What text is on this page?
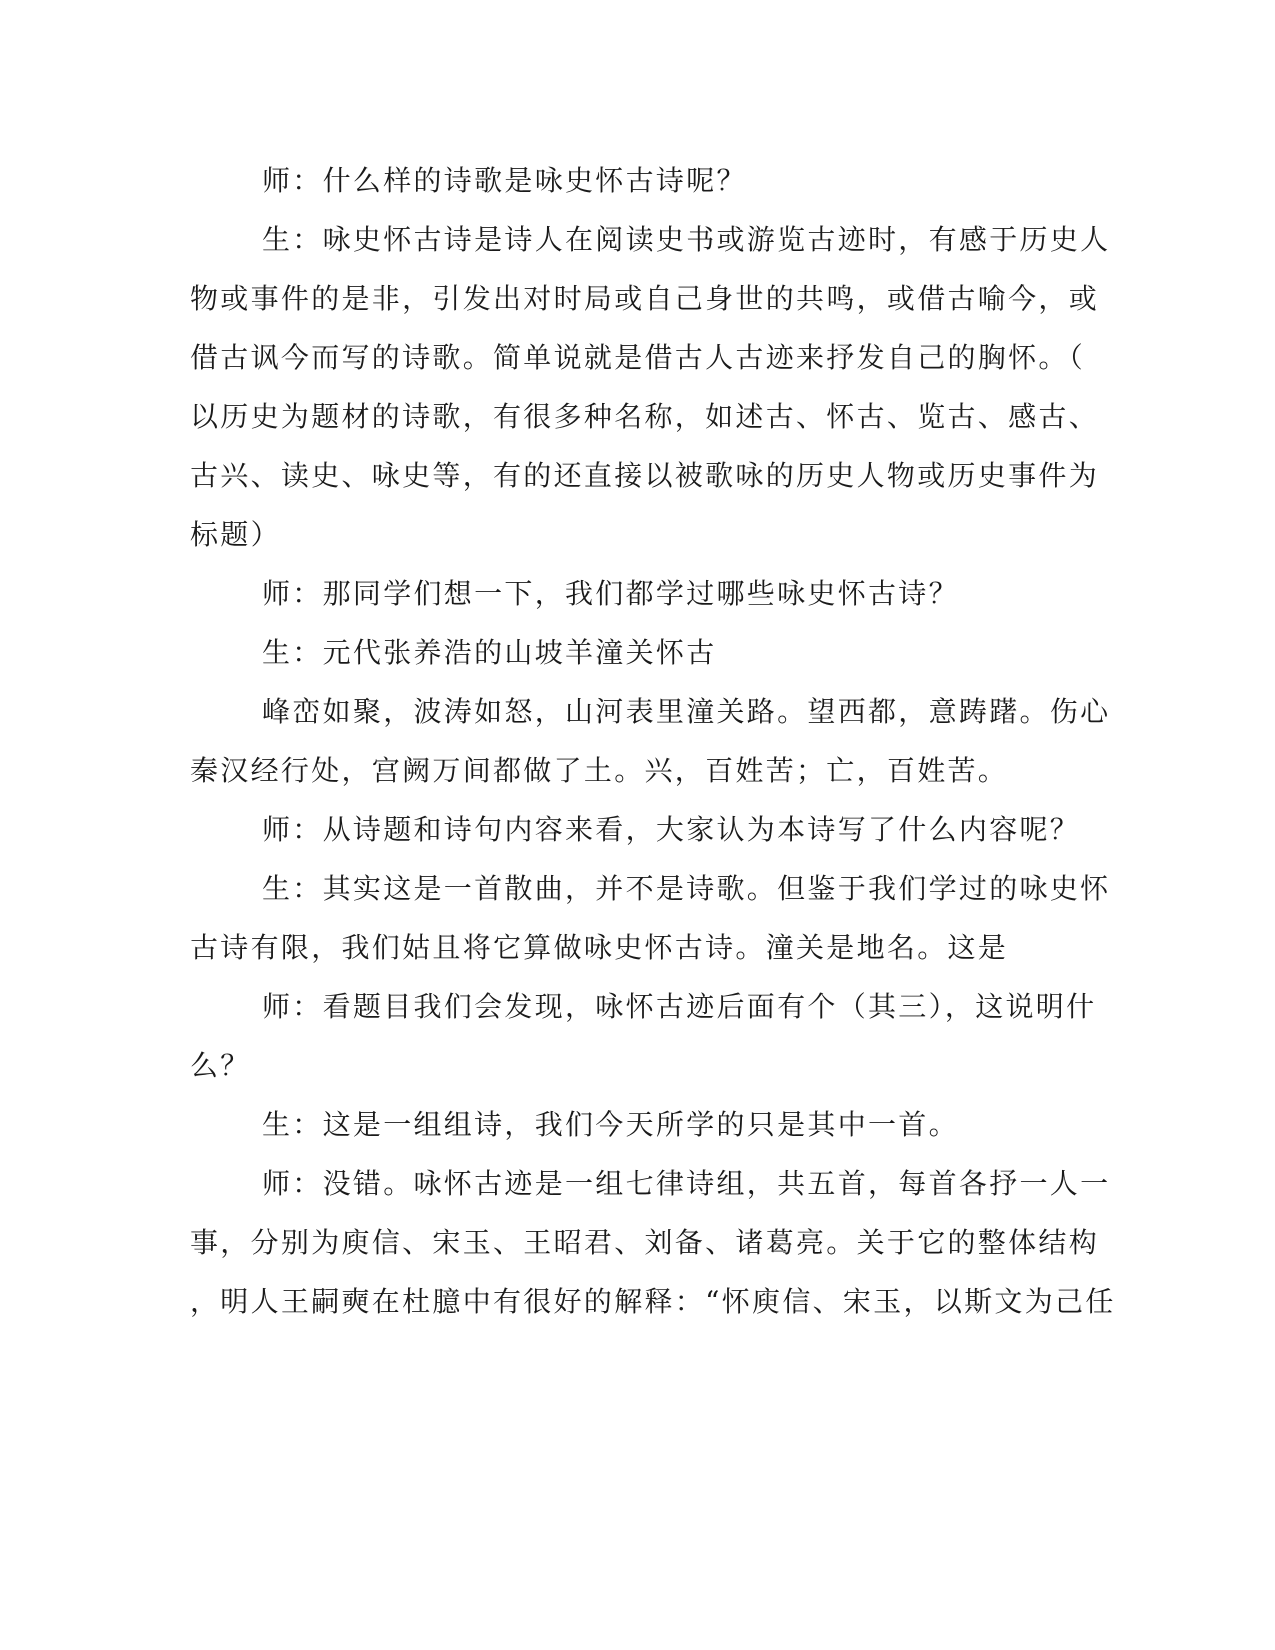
师：什么样的诗歌是咏史怀古诗呢？
生：咏史怀古诗是诗人在阅读史书或游览古迹时，有感于历史人
物或事件的是非，引发出对时局或自己身世的共鸣，或借古喻今，或
借古讽今而写的诗歌。简单说就是借古人古迹来抒发自己的胸怀。（
以历史为题材的诗歌，有很多种名称，如述古、怀古、览古、感古、
古兴、读史、咏史等，有的还直接以被歌咏的历史人物或历史事件为
标题）
师：那同学们想一下，我们都学过哪些咏史怀古诗？
生：元代张养浩的山坡羊潼关怀古
峰峦如聚，波涛如怒，山河表里潼关路。望西都，意踌躇。伤心
秦汉经行处，宫阙万间都做了土。兴，百姓苦；亡，百姓苦。
师：从诗题和诗句内容来看，大家认为本诗写了什么内容呢？
生：其实这是一首散曲，并不是诗歌。但鉴于我们学过的咏史怀
古诗有限，我们姑且将它算做咏史怀古诗。潼关是地名。这是
师：看题目我们会发现，咏怀古迹后面有个（其三），这说明什
么？
生：这是一组组诗，我们今天所学的只是其中一首。
师：没错。咏怀古迹是一组七律诗组，共五首，每首各抒一人一
事，分别为庾信、宋玉、王昭君、刘备、诸葛亮。关于它的整体结构
，明人王嗣奭在杜臆中有很好的解释：“怀庾信、宋玉，以斯文为己任
